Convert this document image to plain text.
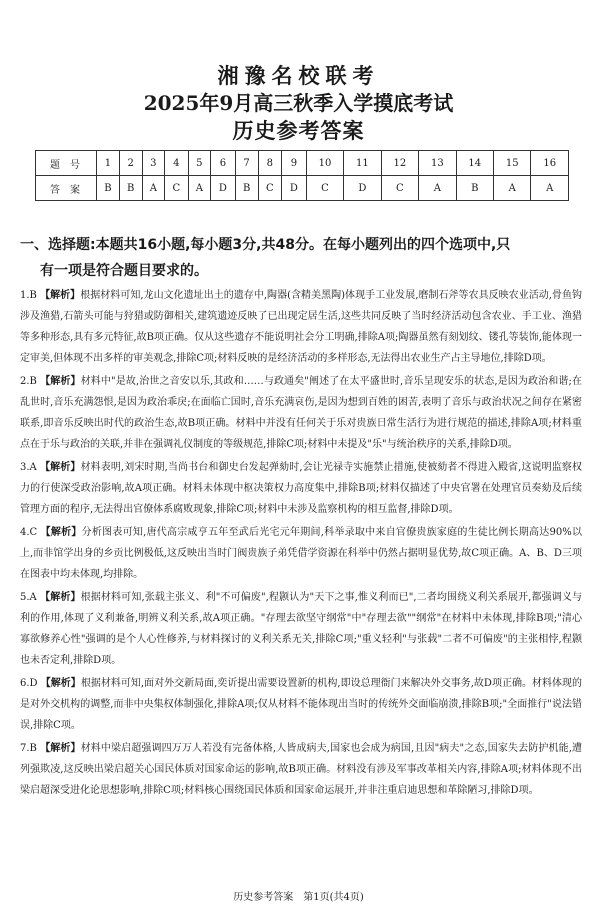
湘豫名校联考
2025年9月高三秋季入学摸底考试
历史参考答案
题号	1	2	3	4	5	6	7	8	9	10	11	12	13	14	15	16
答案	B	B	A	C	A	D	B	C	D	C	D	C	A	B	A	A
一、选择题:本题共16小题,每小题3分,共48分。在每小题列出的四个选项中,只
有一项是符合题目要求的。
1.B 【解析】根据材料可知,龙山文化遗址出土的遗存中,陶器(含精美黑陶)体现手工业发展,磨制石斧等农具反映农业活动,骨鱼钩涉及渔猎,石箭头可能与狩猎或防御相关,建筑遗迹反映了已出现定居生活,这些共同反映了当时经济活动包含农业、手工业、渔猎等多种形态,具有多元特征,故B项正确。仅从这些遗存不能说明社会分工明确,排除A项;陶器虽然有刻划纹、镂孔等装饰,能体现一定审美,但体现不出多样的审美观念,排除C项;材料反映的是经济活动的多样形态,无法得出农业生产占主导地位,排除D项。
2.B 【解析】材料中"是故,治世之音安以乐,其政和……与政通矣"阐述了在太平盛世时,音乐呈现安乐的状态,是因为政治和谐;在乱世时,音乐充满怨恨,是因为政治乖戾;在面临亡国时,音乐充满哀伤,是因为想到百姓的困苦,表明了音乐与政治状况之间存在紧密联系,即音乐反映出时代的政治生态,故B项正确。材料中并没有任何关于乐对贵族日常生活行为进行规范的描述,排除A项;材料重点在于乐与政治的关联,并非在强调礼仪制度的等级规范,排除C项;材料中未提及"乐"与统治秩序的关系,排除D项。
3.A 【解析】材料表明,刘宋时期,当尚书台和御史台发起弹劾时,会让光禄寺实施禁止措施,使被劾者不得进入殿省,这说明监察权力的行使深受政治影响,故A项正确。材料未体现中枢决策权力高度集中,排除B项;材料仅描述了中央官署在处理官员奏劾及后续管理方面的程序,无法得出官僚体系腐败现象,排除C项;材料中未涉及监察机构的相互监督,排除D项。
4.C 【解析】分析图表可知,唐代高宗咸亨五年至武后光宅元年期间,科举录取中来自官僚贵族家庭的生徒比例长期高达90%以上,而非馆学出身的乡贡比例极低,这反映出当时门阀贵族子弟凭借学资源在科举中仍然占据明显优势,故C项正确。A、B、D三项在图表中均未体现,均排除。
5.A 【解析】根据材料可知,张载主张义、利"不可偏废",程颢认为"天下之事,惟义利而已",二者均围绕义利关系展开,都强调义与利的作用,体现了义利兼备,明辨义利关系,故A项正确。"存理去欲坚守纲常"中"存理去欲""纲常"在材料中未体现,排除B项;"清心寡欲修养心性"强调的是个人心性修养,与材料探讨的义利关系无关,排除C项;"重义轻利"与张载"二者不可偏废"的主张相悖,程颢也未否定利,排除D项。
6.D 【解析】根据材料可知,面对外交新局面,奕䜣提出需要设置新的机构,即设总理衙门来解决外交事务,故D项正确。材料体现的是对外交机构的调整,而非中央集权体制强化,排除A项;仅从材料不能体现出当时的传统外交面临崩溃,排除B项;"全面推行"说法错误,排除C项。
7.B 【解析】材料中梁启超强调四万万人若没有完备体格,人皆成病夫,国家也会成为病国,且因"病夫"之态,国家失去防护机能,遭列强欺凌,这反映出梁启超关心国民体质对国家命运的影响,故B项正确。材料没有涉及军事改革相关内容,排除A项;材料体现不出梁启超深受进化论思想影响,排除C项;材料核心围绕国民体质和国家命运展开,并非注重启迪思想和革除陋习,排除D项。
历史参考答案　第1页(共4页)
